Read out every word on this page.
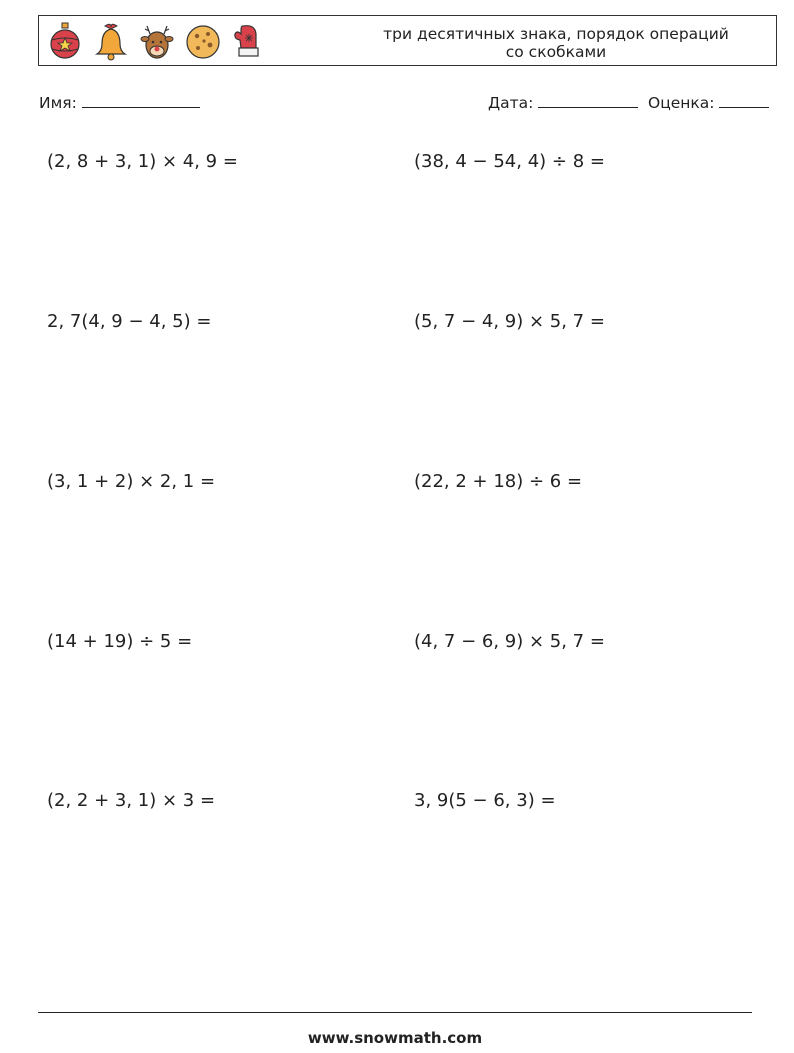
три десятичных знака, порядок операций
со скобками
Имя:	Дата:	Оценка:
(2, 8 + 3, 1) × 4, 9 =	(38, 4 − 54, 4) ÷ 8 =
2, 7(4, 9 − 4, 5) =	(5, 7 − 4, 9) × 5, 7 =
(3, 1 + 2) × 2, 1 =	(22, 2 + 18) ÷ 6 =
(14 + 19) ÷ 5 =	(4, 7 − 6, 9) × 5, 7 =
(2, 2 + 3, 1) × 3 =	3, 9(5 − 6, 3) =
www.snowmath.com
